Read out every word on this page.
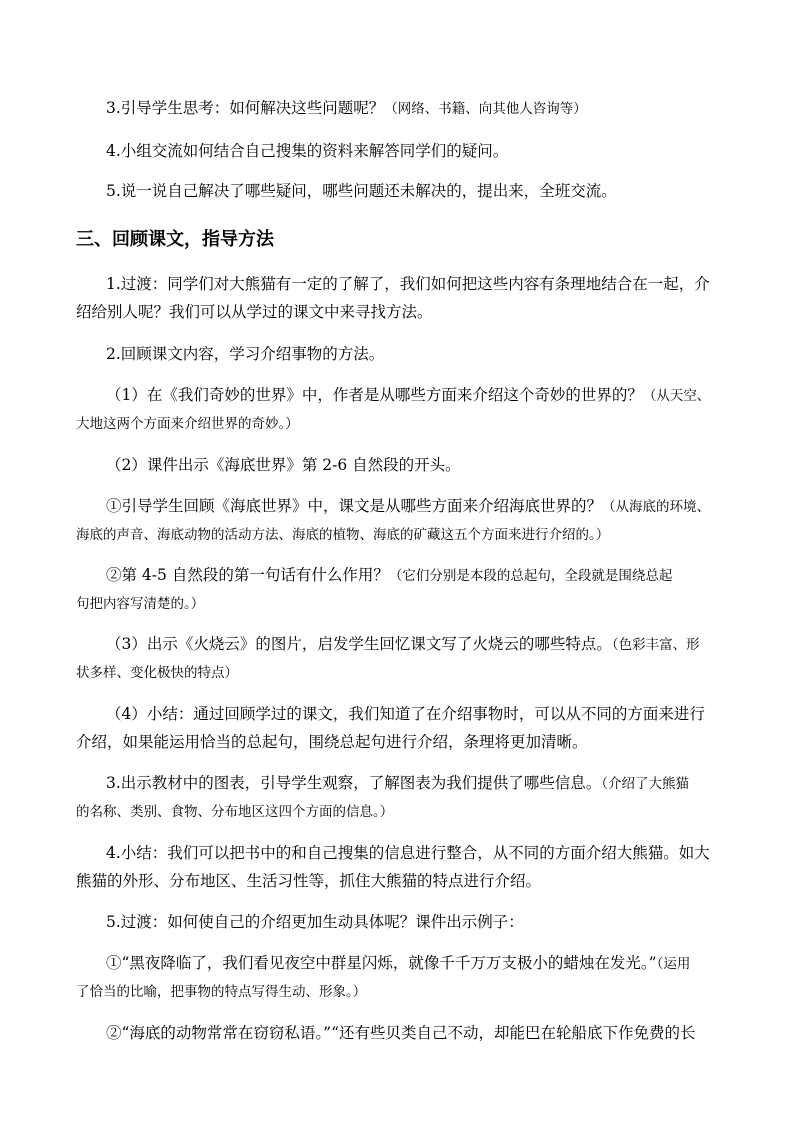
3.引导学生思考：如何解决这些问题呢？（网络、书籍、向其他人咨询等）

4.小组交流如何结合自己搜集的资料来解答同学们的疑问。

5.说一说自己解决了哪些疑问，哪些问题还未解决的，提出来，全班交流。

三、回顾课文，指导方法

1.过渡：同学们对大熊猫有一定的了解了，我们如何把这些内容有条理地结合在一起，介

绍给别人呢？我们可以从学过的课文中来寻找方法。

2.回顾课文内容，学习介绍事物的方法。

（1）在《我们奇妙的世界》中，作者是从哪些方面来介绍这个奇妙的世界的？（从天空、

大地这两个方面来介绍世界的奇妙。）

（2）课件出示《海底世界》第 2-6 自然段的开头。

①引导学生回顾《海底世界》中，课文是从哪些方面来介绍海底世界的？（从海底的环境、

海底的声音、海底动物的活动方法、海底的植物、海底的矿藏这五个方面来进行介绍的。）

②第 4-5 自然段的第一句话有什么作用？（它们分别是本段的总起句，全段就是围绕总起

句把内容写清楚的。）

（3）出示《火烧云》的图片，启发学生回忆课文写了火烧云的哪些特点。（色彩丰富、形

状多样、变化极快的特点）

（4）小结：通过回顾学过的课文，我们知道了在介绍事物时，可以从不同的方面来进行

介绍，如果能运用恰当的总起句，围绕总起句进行介绍，条理将更加清晰。

3.出示教材中的图表，引导学生观察，了解图表为我们提供了哪些信息。（介绍了大熊猫

的名称、类别、食物、分布地区这四个方面的信息。）

4.小结：我们可以把书中的和自己搜集的信息进行整合，从不同的方面介绍大熊猫。如大

熊猫的外形、分布地区、生活习性等，抓住大熊猫的特点进行介绍。

5.过渡：如何使自己的介绍更加生动具体呢？课件出示例子：

①“黑夜降临了，我们看见夜空中群星闪烁，就像千千万万支极小的蜡烛在发光。”（运用

了恰当的比喻，把事物的特点写得生动、形象。）

②“海底的动物常常在窃窃私语。”“还有些贝类自己不动，却能巴在轮船底下作免费的长
